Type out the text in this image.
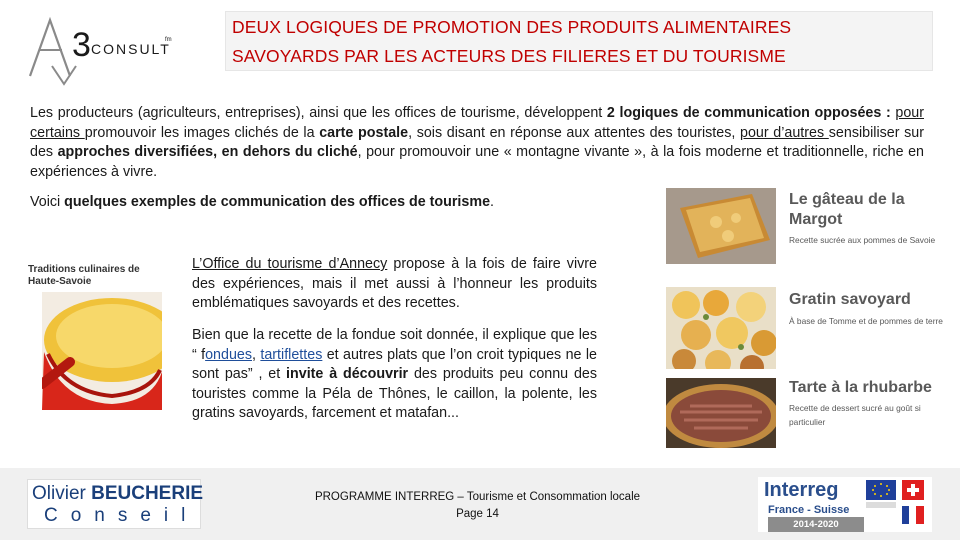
3 CONSULT
fm
DEUX LOGIQUES DE PROMOTION DES PRODUITS ALIMENTAIRES
SAVOYARDS PAR LES ACTEURS DES FILIERES ET DU TOURISME
Les producteurs (agriculteurs, entreprises), ainsi que les offices de tourisme, développent 2 logiques de communication opposées : pour certains promouvoir les images clichés de la carte postale, sois disant en réponse aux attentes des touristes, pour d’autres sensibiliser sur des approches diversifiées, en dehors du cliché, pour promouvoir une « montagne vivante », à la fois moderne et traditionnelle, riche en expériences à vivre.
Voici quelques exemples de communication des offices de tourisme.
Traditions culinaires de
Haute-Savoie
L’Office du tourisme d’Annecy propose à la fois de faire vivre des expériences, mais il met aussi à l’honneur les produits emblématiques savoyards et des recettes.
Bien que la recette de la fondue soit donnée, il explique que les “ fondues, tartiflettes et autres plats que l’on croit typiques ne le sont pas” , et invite à découvrir des produits peu connu des touristes comme la Péla de Thônes, le caillon, la polente, les gratins savoyards, farcement et matafan...
Le gâteau de la Margot
Recette sucrée aux pommes de Savoie
Gratin savoyard
À base de Tomme et de pommes de terre
Tarte à la rhubarbe
Recette de dessert sucré au goût si particulier
Olivier BEUCHERIE
Conseil
PROGRAMME INTERREG – Tourisme et Consommation locale
Page 14
Interreg
France - Suisse
2014-2020
